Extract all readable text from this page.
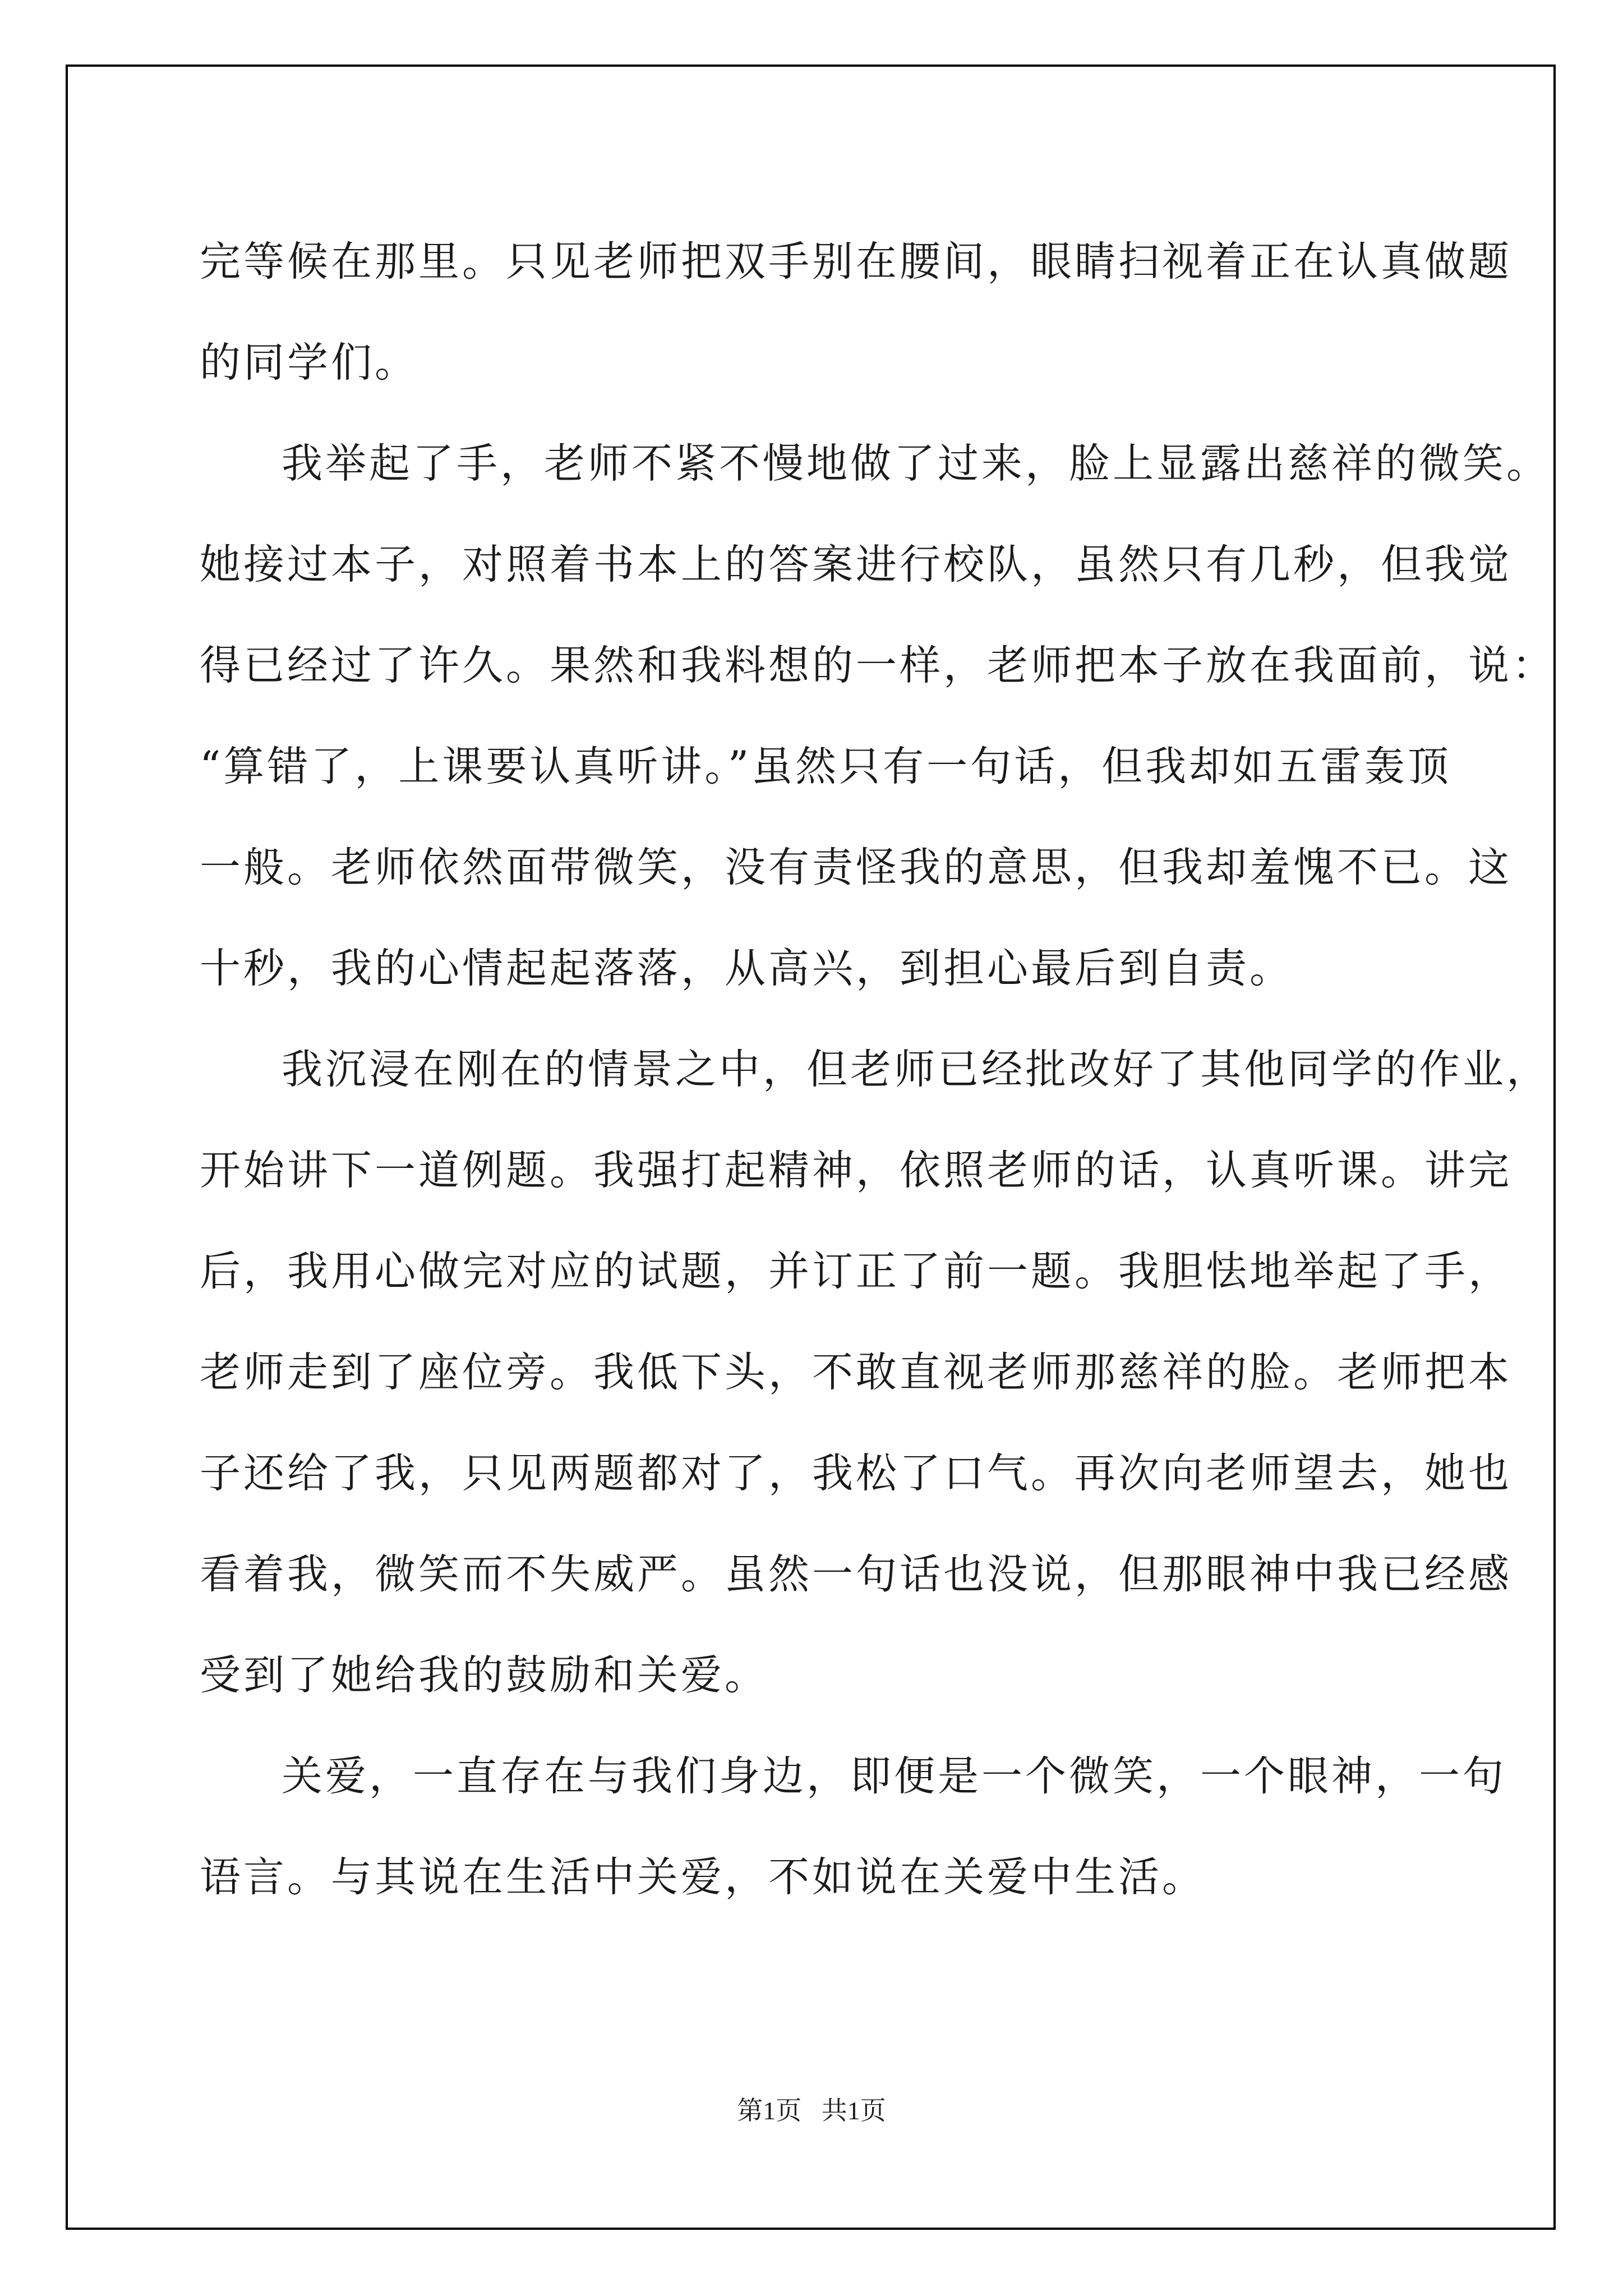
完等候在那里。只见老师把双手别在腰间，眼睛扫视着正在认真做题
的同学们。
我举起了手，老师不紧不慢地做了过来，脸上显露出慈祥的微笑。
她接过本子，对照着书本上的答案进行校队，虽然只有几秒，但我觉
得已经过了许久。果然和我料想的一样，老师把本子放在我面前，说：
“算错了，上课要认真听讲。”虽然只有一句话，但我却如五雷轰顶
一般。老师依然面带微笑，没有责怪我的意思，但我却羞愧不已。这
十秒，我的心情起起落落，从高兴，到担心最后到自责。
我沉浸在刚在的情景之中，但老师已经批改好了其他同学的作业，
开始讲下一道例题。我强打起精神，依照老师的话，认真听课。讲完
后，我用心做完对应的试题，并订正了前一题。我胆怯地举起了手，
老师走到了座位旁。我低下头，不敢直视老师那慈祥的脸。老师把本
子还给了我，只见两题都对了，我松了口气。再次向老师望去，她也
看着我，微笑而不失威严。虽然一句话也没说，但那眼神中我已经感
受到了她给我的鼓励和关爱。
关爱，一直存在与我们身边，即便是一个微笑，一个眼神，一句
语言。与其说在生活中关爱，不如说在关爱中生活。
第1页 共1页
